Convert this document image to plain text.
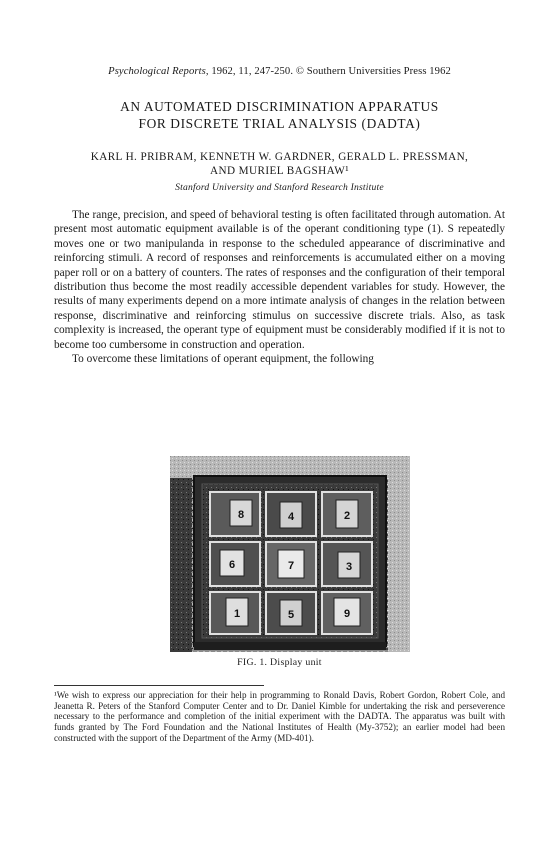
Psychological Reports, 1962, 11, 247-250. © Southern Universities Press 1962
AN AUTOMATED DISCRIMINATION APPARATUS
FOR DISCRETE TRIAL ANALYSIS (DADTA)
KARL H. PRIBRAM, KENNETH W. GARDNER, GERALD L. PRESSMAN,
AND MURIEL BAGSHAW¹
Stanford University and Stanford Research Institute

The range, precision, and speed of behavioral testing is often facilitated through automation. At present most automatic equipment available is of the operant conditioning type (1). S repeatedly moves one or two manipulanda in response to the scheduled appearance of discriminative and reinforcing stimuli. A record of responses and reinforcements is accumulated either on a moving paper roll or on a battery of counters. The rates of responses and the configuration of their temporal distribution thus become the most readily accessible dependent variables for study. However, the results of many experiments depend on a more intimate analysis of changes in the relation between response, discriminative and reinforcing stimulus on successive discrete trials. Also, as task complexity is increased, the operant type of equipment must be considerably modified if it is not to become too cumbersome in construction and operation.

To overcome these limitations of operant equipment, the following

8	4	2
6	7	3
1	5	9
FIG. 1. Display unit
¹We wish to express our appreciation for their help in programming to Ronald Davis, Robert Gordon, Robert Cole, and Jeanetta R. Peters of the Stanford Computer Center and to Dr. Daniel Kimble for undertaking the risk and perseverence necessary to the performance and completion of the initial experiment with the DADTA. The apparatus was built with funds granted by The Ford Foundation and the National Institutes of Health (My-3752); an earlier model had been constructed with the support of the Department of the Army (MD-401).
